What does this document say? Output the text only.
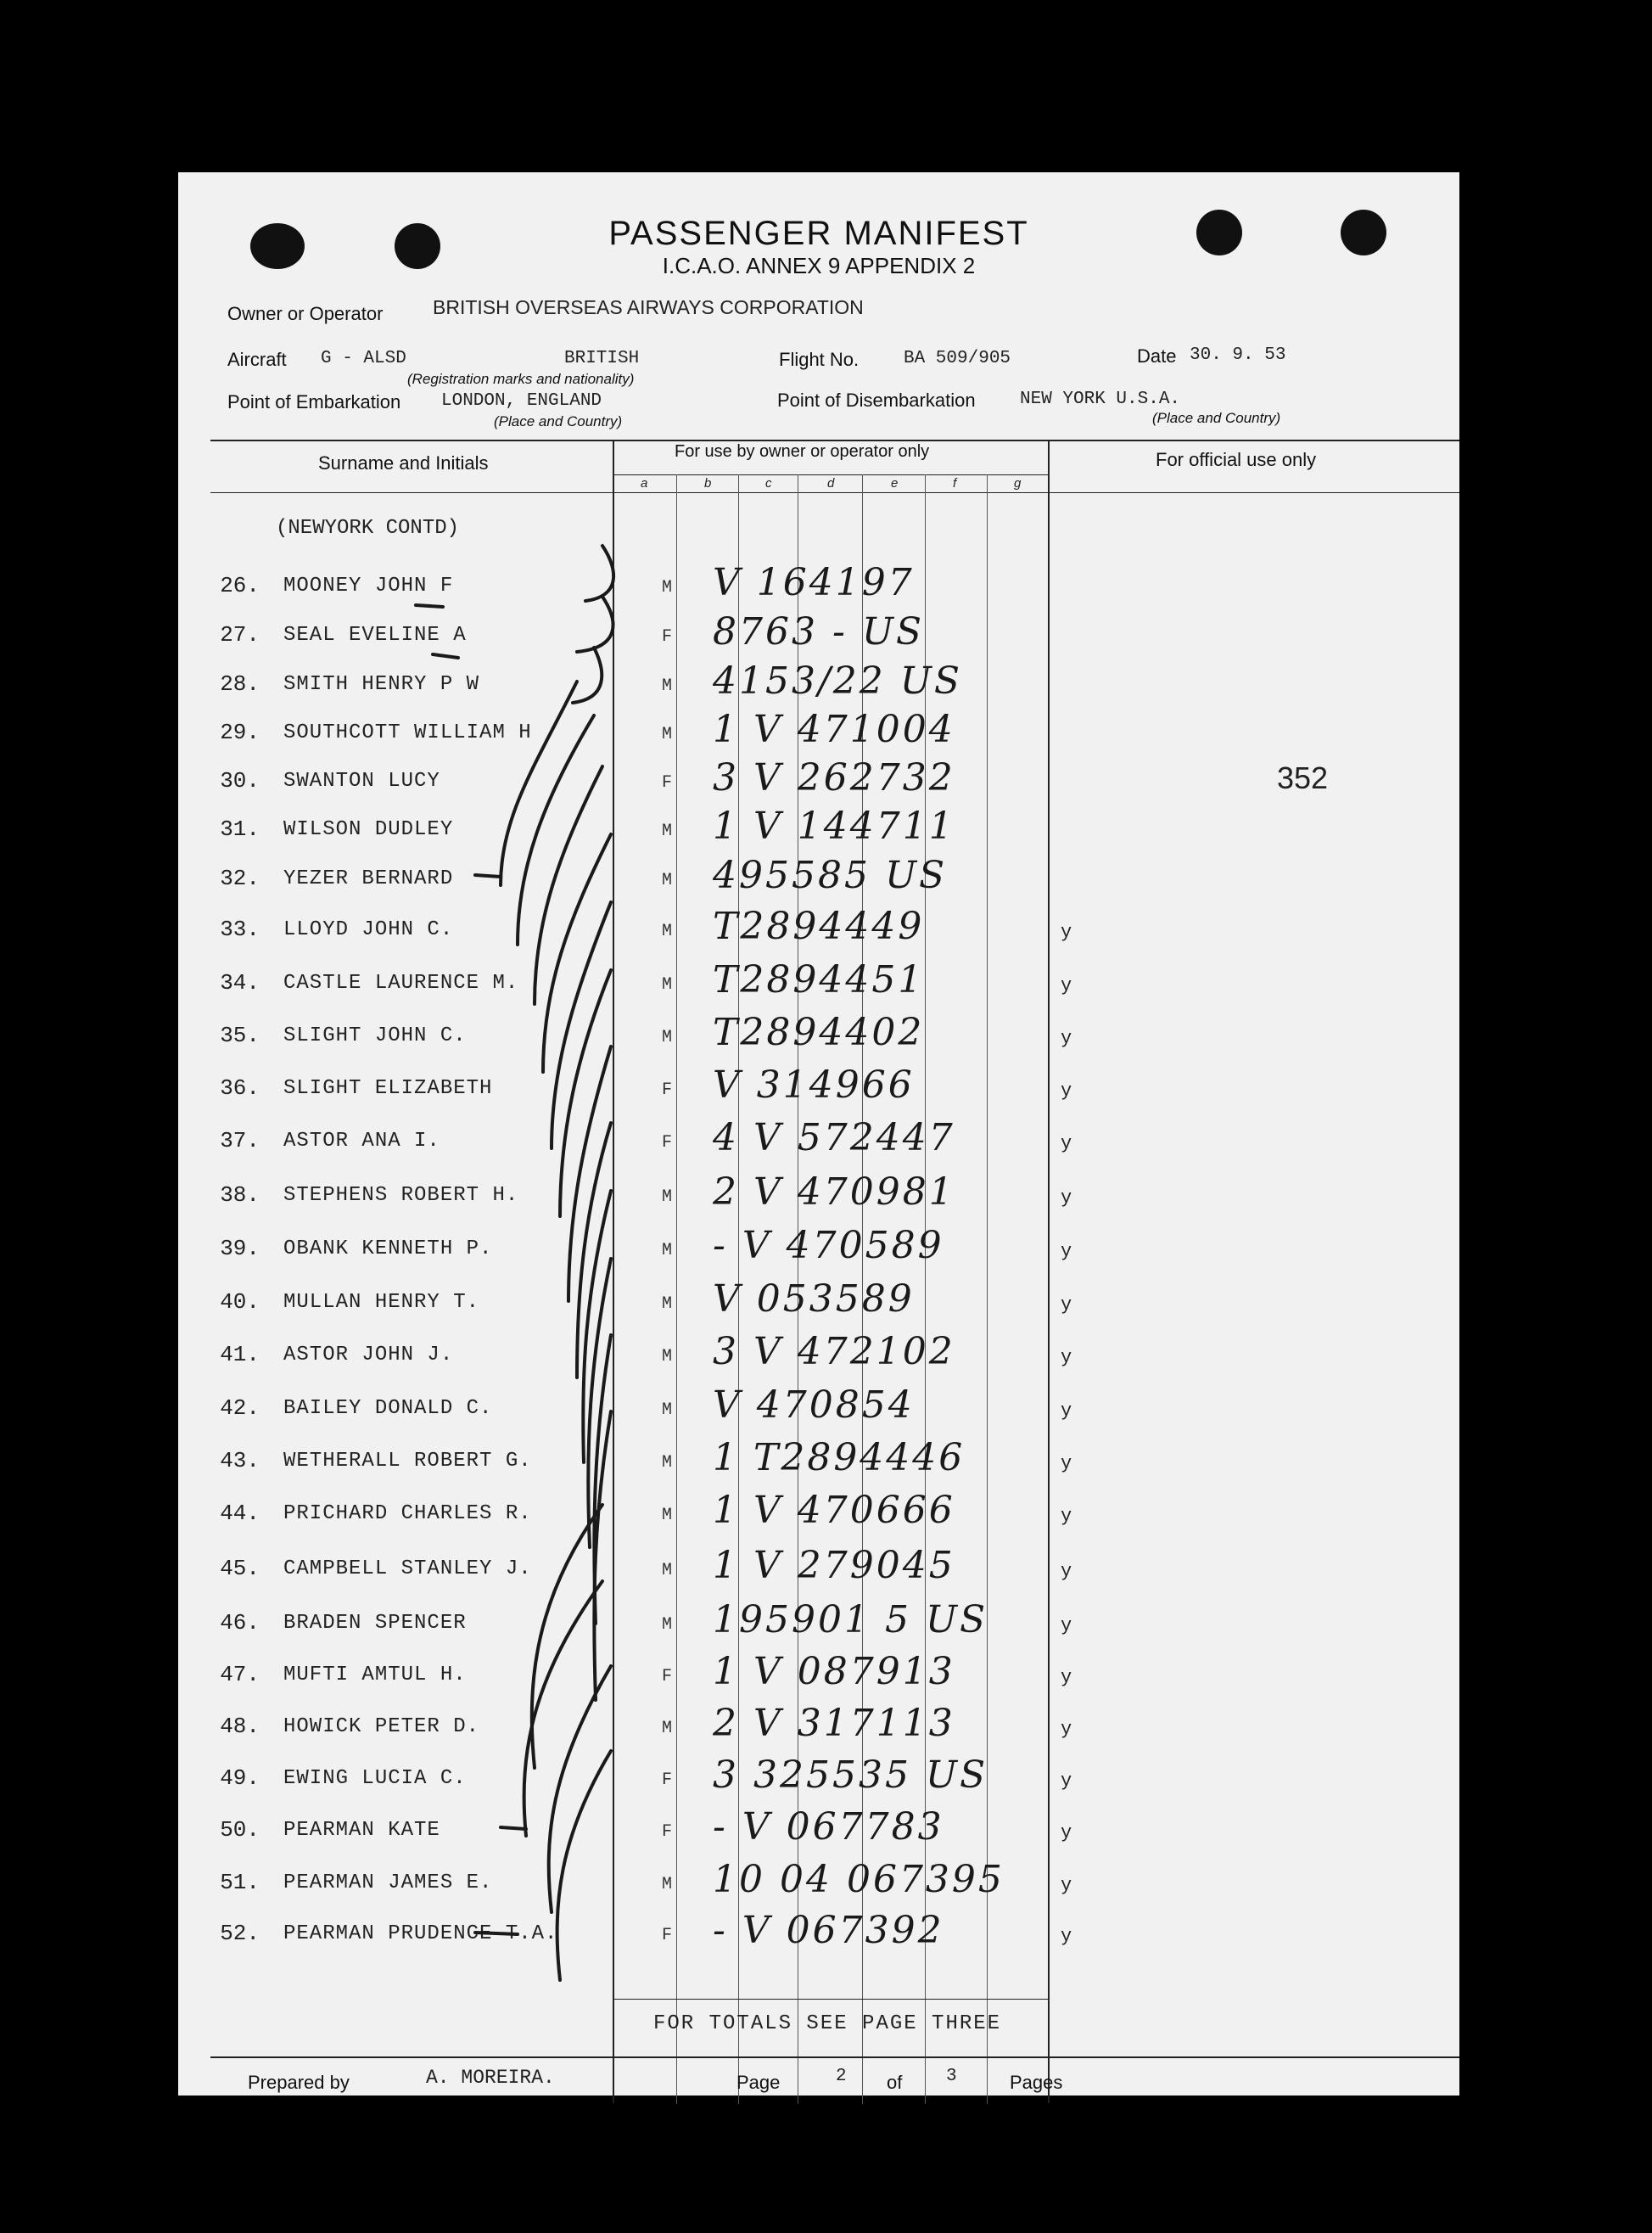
PASSENGER MANIFEST
I.C.A.O. ANNEX 9 APPENDIX 2
Owner or Operator	BRITISH OVERSEAS AIRWAYS CORPORATION
Aircraft G - ALSD	BRITISH
(Registration marks and nationality)
Flight No.	BA 509/905	Date 30. 9. 53
Point of Embarkation LONDON, ENGLAND
(Place and Country)
Point of Disembarkation NEW YORK U.S.A.
(Place and Country)
Surname and Initials
For use by owner or operator only	For official use only
a	b	c	d	e	f	g
(NEWYORK CONTD)
352
26. MOONEY JOHN F	M V 164197
27. SEAL EVELINE A	F 8763 - US
28. SMITH HENRY P W	M 4153/22 US
29. SOUTHCOTT WILLIAM H	M 1 V 471004
30. SWANTON LUCY	F 3 V 262732
31. WILSON DUDLEY	M 1 V 144711
32. YEZER BERNARD	M 495585 US
33. LLOYD JOHN C.	M T2894449	y
34. CASTLE LAURENCE M.	M T2894451	y
35. SLIGHT JOHN C.	M T2894402	y
36. SLIGHT ELIZABETH	F V 314966	y
37. ASTOR ANA I.	F 4 V 572447	y
38. STEPHENS ROBERT H.	M 2 V 470981	y
39. OBANK KENNETH P.	M - V 470589	y
40. MULLAN HENRY T.	M V 053589	y
41. ASTOR JOHN J.	M 3 V 472102	y
42. BAILEY DONALD C.	M V 470854	y
43. WETHERALL ROBERT G.	M 1 T2894446	y
44. PRICHARD CHARLES R.	M 1 V 470666	y
45. CAMPBELL STANLEY J.	M 1 V 279045	y
46. BRADEN SPENCER	M 195901 5 US	y
47. MUFTI AMTUL H.	F 1 V 087913	y
48. HOWICK PETER D.	M 2 V 317113	y
49. EWING LUCIA C.	F 3 325535 US	y
50. PEARMAN KATE	F - V 067783	y
51. PEARMAN JAMES E.	M 10 04 067395	y
52. PEARMAN PRUDENCE T.A.	F - V 067392	y
FOR TOTALS SEE PAGE THREE
Prepared by	A. MOREIRA.	Page	2 of 3	Pages
